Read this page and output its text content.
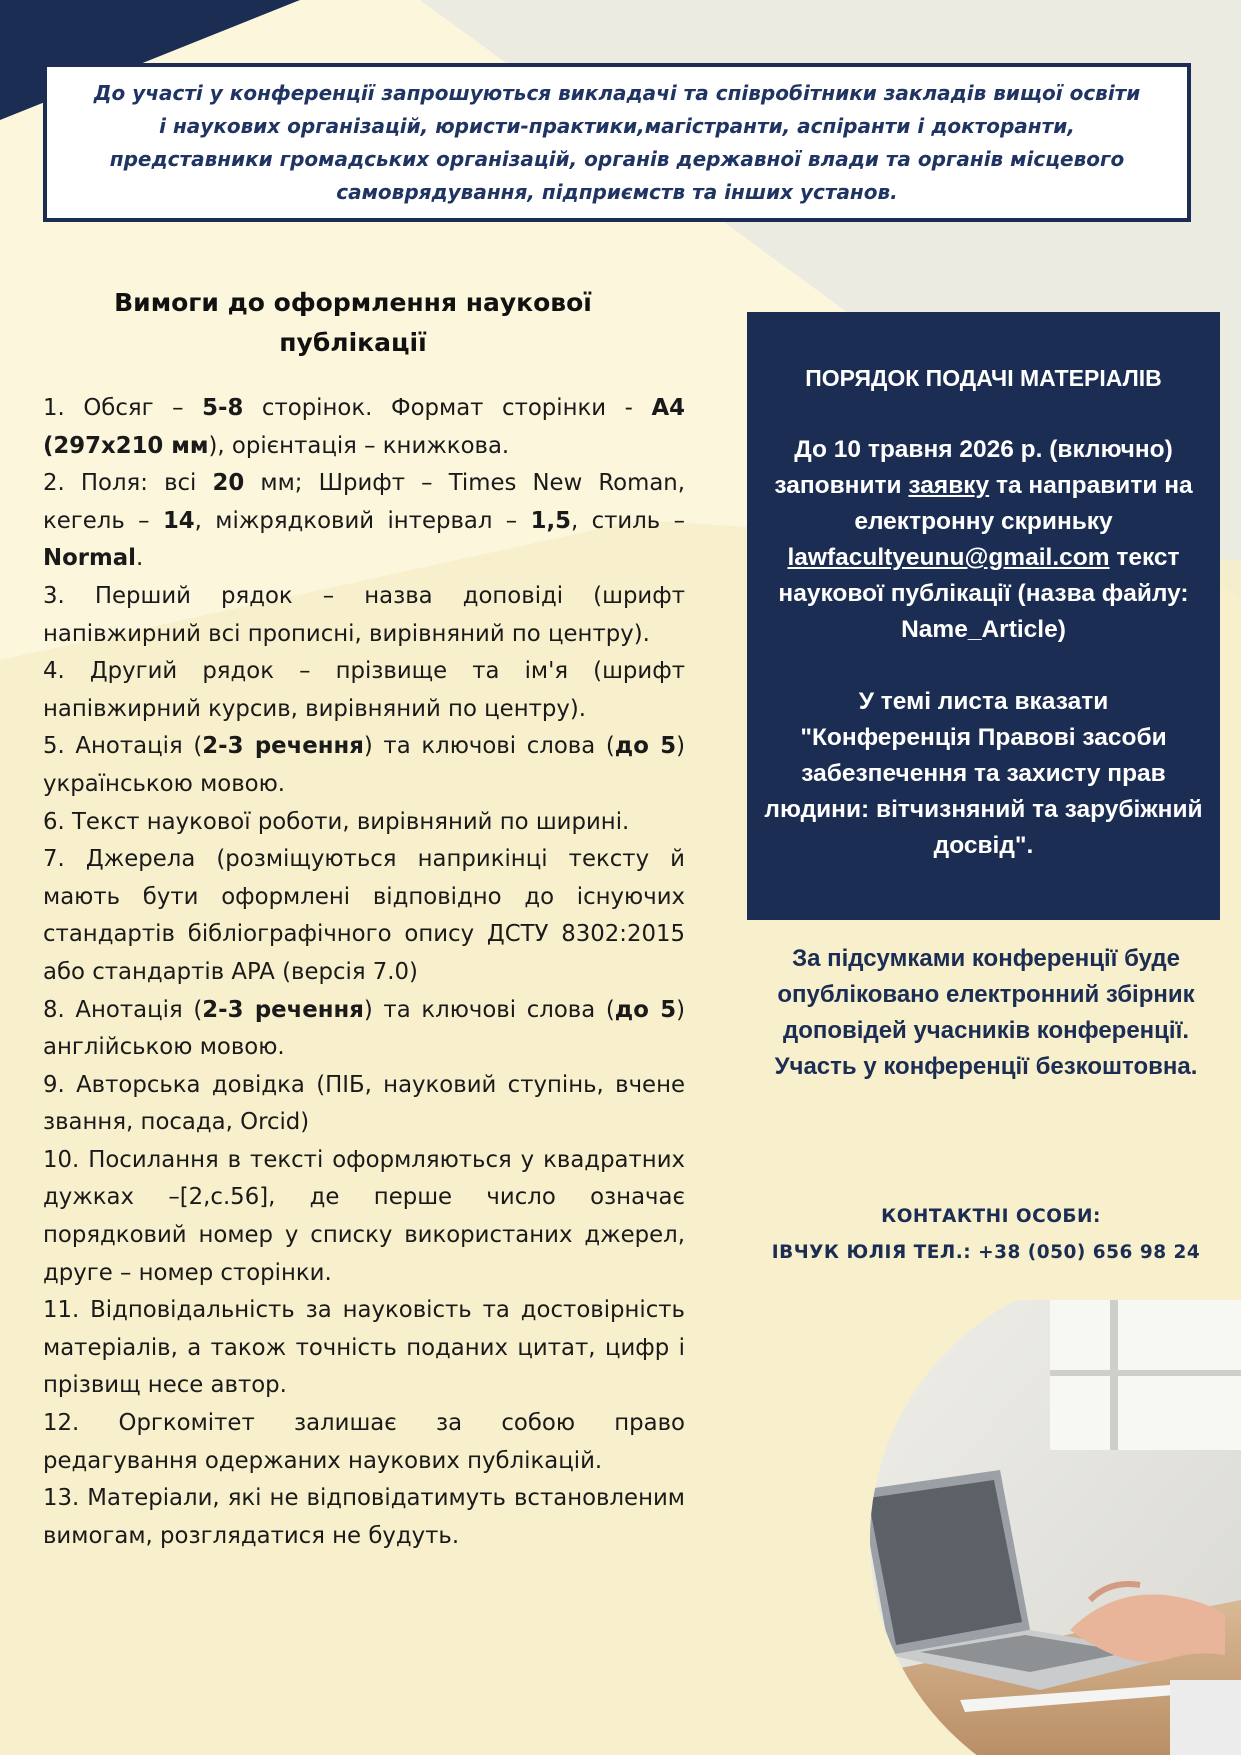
До участі у конференції запрошуються викладачі та співробітники закладів вищої освіти і наукових організацій, юристи-практики,магістранти, аспіранти і докторанти, представники громадських організацій, органів державної влади та органів місцевого самоврядування, підприємств та інших установ.
Вимоги до оформлення наукової публікації
1. Обсяг – 5-8 сторінок. Формат сторінки - А4 (297х210 мм), орієнтація – книжкова.
2. Поля: всі 20 мм; Шрифт – Times New Roman, кегель – 14, міжрядковий інтервал – 1,5, стиль – Normal.
3. Перший рядок – назва доповіді (шрифт напівжирний всі прописні, вирівняний по центру).
4. Другий рядок – прізвище та ім'я (шрифт напівжирний курсив, вирівняний по центру).
5. Анотація (2-3 речення) та ключові слова (до 5) українською мовою.
6. Текст наукової роботи, вирівняний по ширині.
7. Джерела (розміщуються наприкінці тексту й мають бути оформлені відповідно до існуючих стандартів бібліографічного опису ДСТУ 8302:2015 або стандартів APA (версія 7.0)
8. Анотація (2-3 речення) та ключові слова (до 5) англійською мовою.
9. Авторська довідка (ПІБ, науковий ступінь, вчене звання, посада, Orcid)
10. Посилання в тексті оформляються у квадратних дужках –[2,с.56], де перше число означає порядковий номер у списку використаних джерел, друге – номер сторінки.
11. Відповідальність за науковість та достовірність матеріалів, а також точність поданих цитат, цифр і прізвищ несе автор.
12. Оргкомітет залишає за собою право редагування одержаних наукових публікацій.
13. Матеріали, які не відповідатимуть встановленим вимогам, розглядатися не будуть.
ПОРЯДОК ПОДАЧІ МАТЕРІАЛІВ
До 10 травня 2026 р. (включно)
заповнити заявку та направити на електронну скриньку lawfacultyeunu@gmail.com текст наукової публікації (назва файлу: Name_Article)
У темі листа вказати
"Конференція Правові засоби забезпечення та захисту прав людини: вітчизняний та зарубіжний
досвід".
За підсумками конференції буде опубліковано електронний збірник доповідей учасників конференції. Участь у конференції безкоштовна.
КОНТАКТНІ ОСОБИ:
ІВЧУК ЮЛІЯ ТЕЛ.: +38 (050) 656 98 24
